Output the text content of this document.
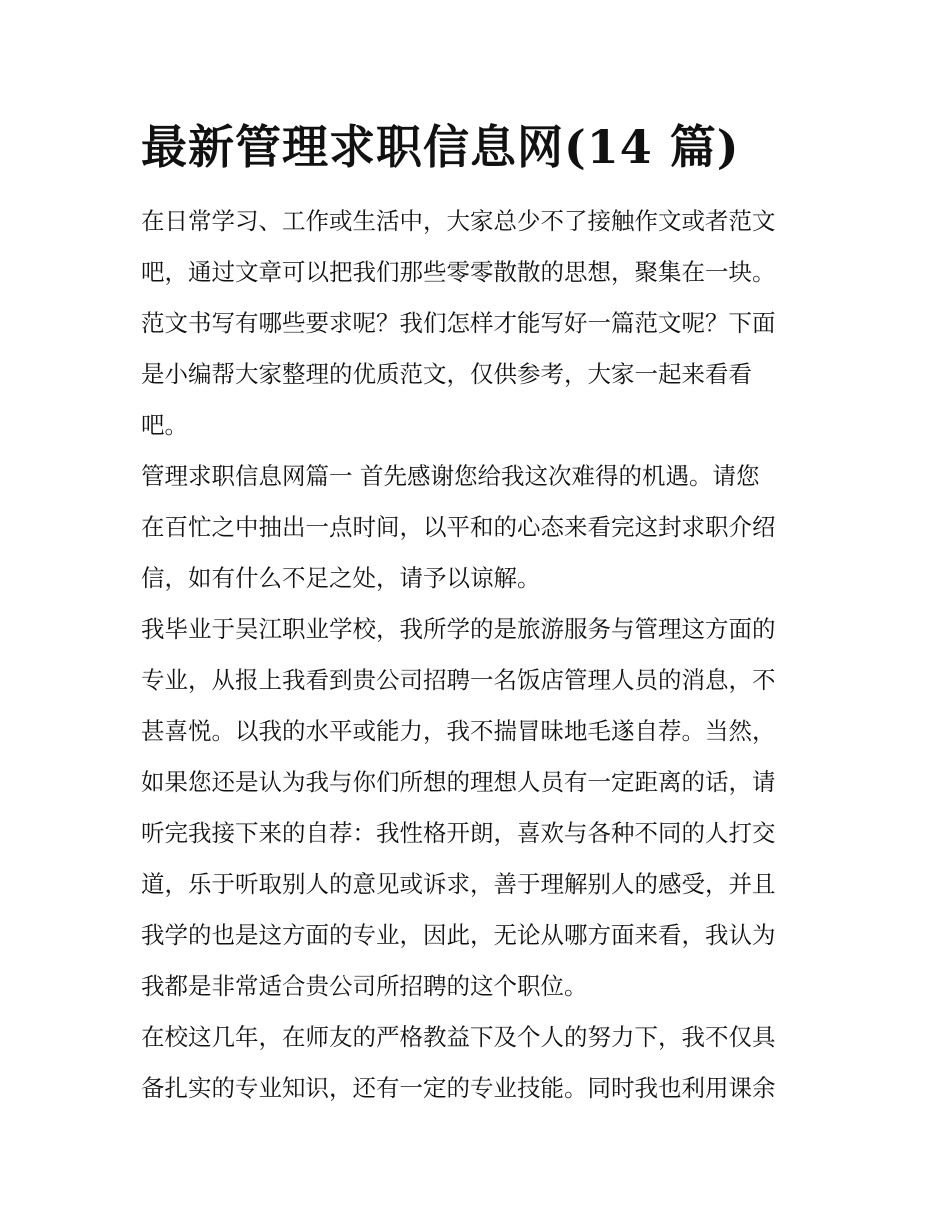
最新管理求职信息网(14 篇)

在日常学习、工作或生活中，大家总少不了接触作文或者范文

吧，通过文章可以把我们那些零零散散的思想，聚集在一块。

范文书写有哪些要求呢？我们怎样才能写好一篇范文呢？下面

是小编帮大家整理的优质范文，仅供参考，大家一起来看看

吧。

管理求职信息网篇一 首先感谢您给我这次难得的机遇。请您

在百忙之中抽出一点时间，以平和的心态来看完这封求职介绍

信，如有什么不足之处，请予以谅解。

我毕业于吴江职业学校，我所学的是旅游服务与管理这方面的

专业，从报上我看到贵公司招聘一名饭店管理人员的消息，不

甚喜悦。以我的水平或能力，我不揣冒昧地毛遂自荐。当然，

如果您还是认为我与你们所想的理想人员有一定距离的话，请

听完我接下来的自荐：我性格开朗，喜欢与各种不同的人打交

道，乐于听取别人的意见或诉求，善于理解别人的感受，并且

我学的也是这方面的专业，因此，无论从哪方面来看，我认为

我都是非常适合贵公司所招聘的这个职位。

在校这几年，在师友的严格教益下及个人的努力下，我不仅具

备扎实的专业知识，还有一定的专业技能。同时我也利用课余
